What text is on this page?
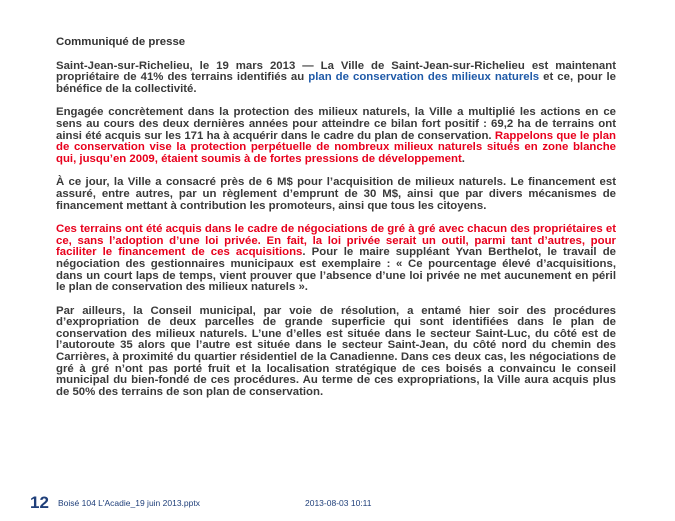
Communiqué de presse
Saint-Jean-sur-Richelieu, le 19 mars 2013 — La Ville de Saint-Jean-sur-Richelieu est maintenant propriétaire de 41% des terrains identifiés au plan de conservation des milieux naturels et ce, pour le bénéfice de la collectivité.
Engagée concrètement dans la protection des milieux naturels, la Ville a multiplié les actions en ce sens au cours des deux dernières années pour atteindre ce bilan fort positif : 69,2 ha de terrains ont ainsi été acquis sur les 171 ha à acquérir dans le cadre du plan de conservation. Rappelons que le plan de conservation vise la protection perpétuelle de nombreux milieux naturels situés en zone blanche qui, jusqu’en 2009, étaient soumis à de fortes pressions de développement.
À ce jour, la Ville a consacré près de 6 M$ pour l’acquisition de milieux naturels. Le financement est assuré, entre autres, par un règlement d’emprunt de 30 M$, ainsi que par divers mécanismes de financement mettant à contribution les promoteurs, ainsi que tous les citoyens.
Ces terrains ont été acquis dans le cadre de négociations de gré à gré avec chacun des propriétaires et ce, sans l’adoption d’une loi privée. En fait, la loi privée serait un outil, parmi tant d’autres, pour faciliter le financement de ces acquisitions. Pour le maire suppléant Yvan Berthelot, le travail de négociation des gestionnaires municipaux est exemplaire : « Ce pourcentage élevé d’acquisitions, dans un court laps de temps, vient prouver que l’absence d’une loi privée ne met aucunement en péril le plan de conservation des milieux naturels ».
Par ailleurs, la Conseil municipal, par voie de résolution, a entamé hier soir des procédures d’expropriation de deux parcelles de grande superficie qui sont identifiées dans le plan de conservation des milieux naturels. L’une d’elles est située dans le secteur Saint-Luc, du côté est de l’autoroute 35 alors que l’autre est située dans le secteur Saint-Jean, du côté nord du chemin des Carrières, à proximité du quartier résidentiel de la Canadienne. Dans ces deux cas, les négociations de gré à gré n’ont pas porté fruit et la localisation stratégique de ces boisés a convaincu le conseil municipal du bien-fondé de ces procédures. Au terme de ces expropriations, la Ville aura acquis plus de 50% des terrains de son plan de conservation.
12 Boisé 104 L'Acadie_19 juin 2013.pptx	2013-08-03 10:11
